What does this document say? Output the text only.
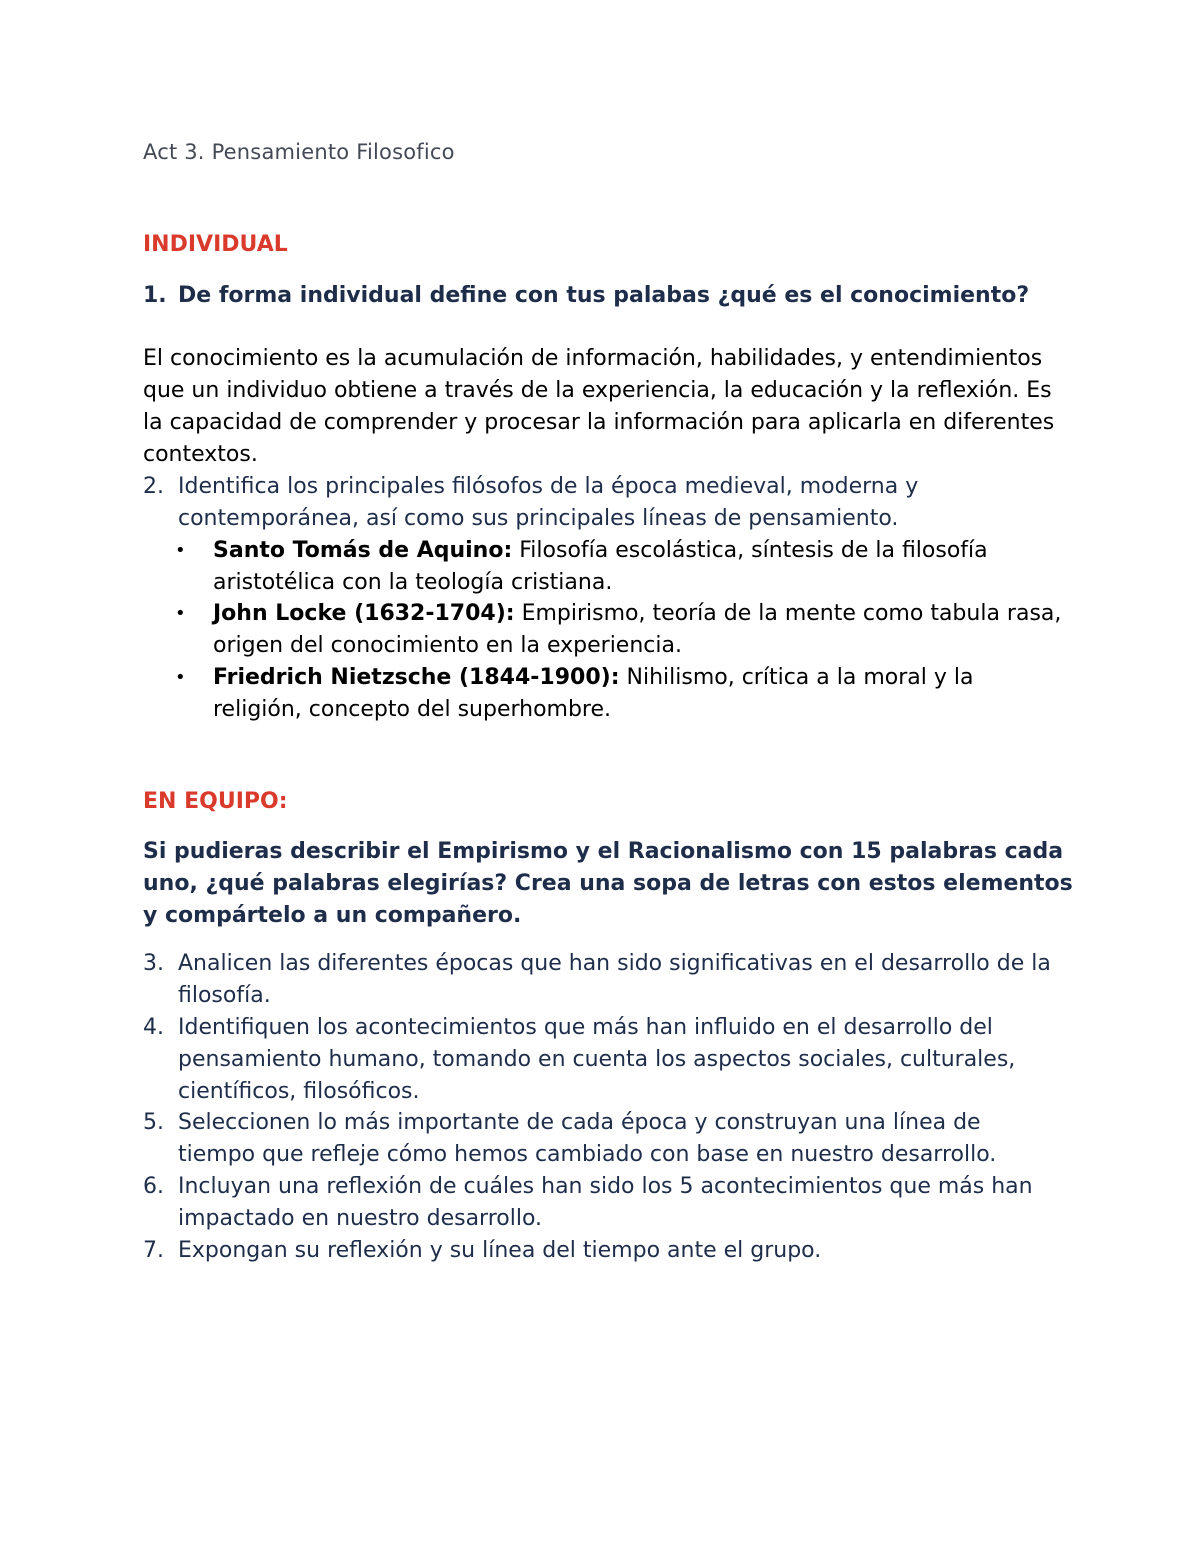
Act 3. Pensamiento Filosofico
INDIVIDUAL
1. De forma individual define con tus palabas ¿qué es el conocimiento?
El conocimiento es la acumulación de información, habilidades, y entendimientos que un individuo obtiene a través de la experiencia, la educación y la reflexión. Es la capacidad de comprender y procesar la información para aplicarla en diferentes contextos.
2. Identifica los principales filósofos de la época medieval, moderna y contemporánea, así como sus principales líneas de pensamiento.
• Santo Tomás de Aquino: Filosofía escolástica, síntesis de la filosofía aristotélica con la teología cristiana.
• John Locke (1632-1704): Empirismo, teoría de la mente como tabula rasa, origen del conocimiento en la experiencia.
• Friedrich Nietzsche (1844-1900): Nihilismo, crítica a la moral y la religión, concepto del superhombre.
EN EQUIPO:
Si pudieras describir el Empirismo y el Racionalismo con 15 palabras cada uno, ¿qué palabras elegirías? Crea una sopa de letras con estos elementos y compártelo a un compañero.
3. Analicen las diferentes épocas que han sido significativas en el desarrollo de la filosofía.
4. Identifiquen los acontecimientos que más han influido en el desarrollo del pensamiento humano, tomando en cuenta los aspectos sociales, culturales, científicos, filosóficos.
5. Seleccionen lo más importante de cada época y construyan una línea de tiempo que refleje cómo hemos cambiado con base en nuestro desarrollo.
6. Incluyan una reflexión de cuáles han sido los 5 acontecimientos que más han impactado en nuestro desarrollo.
7. Expongan su reflexión y su línea del tiempo ante el grupo.
